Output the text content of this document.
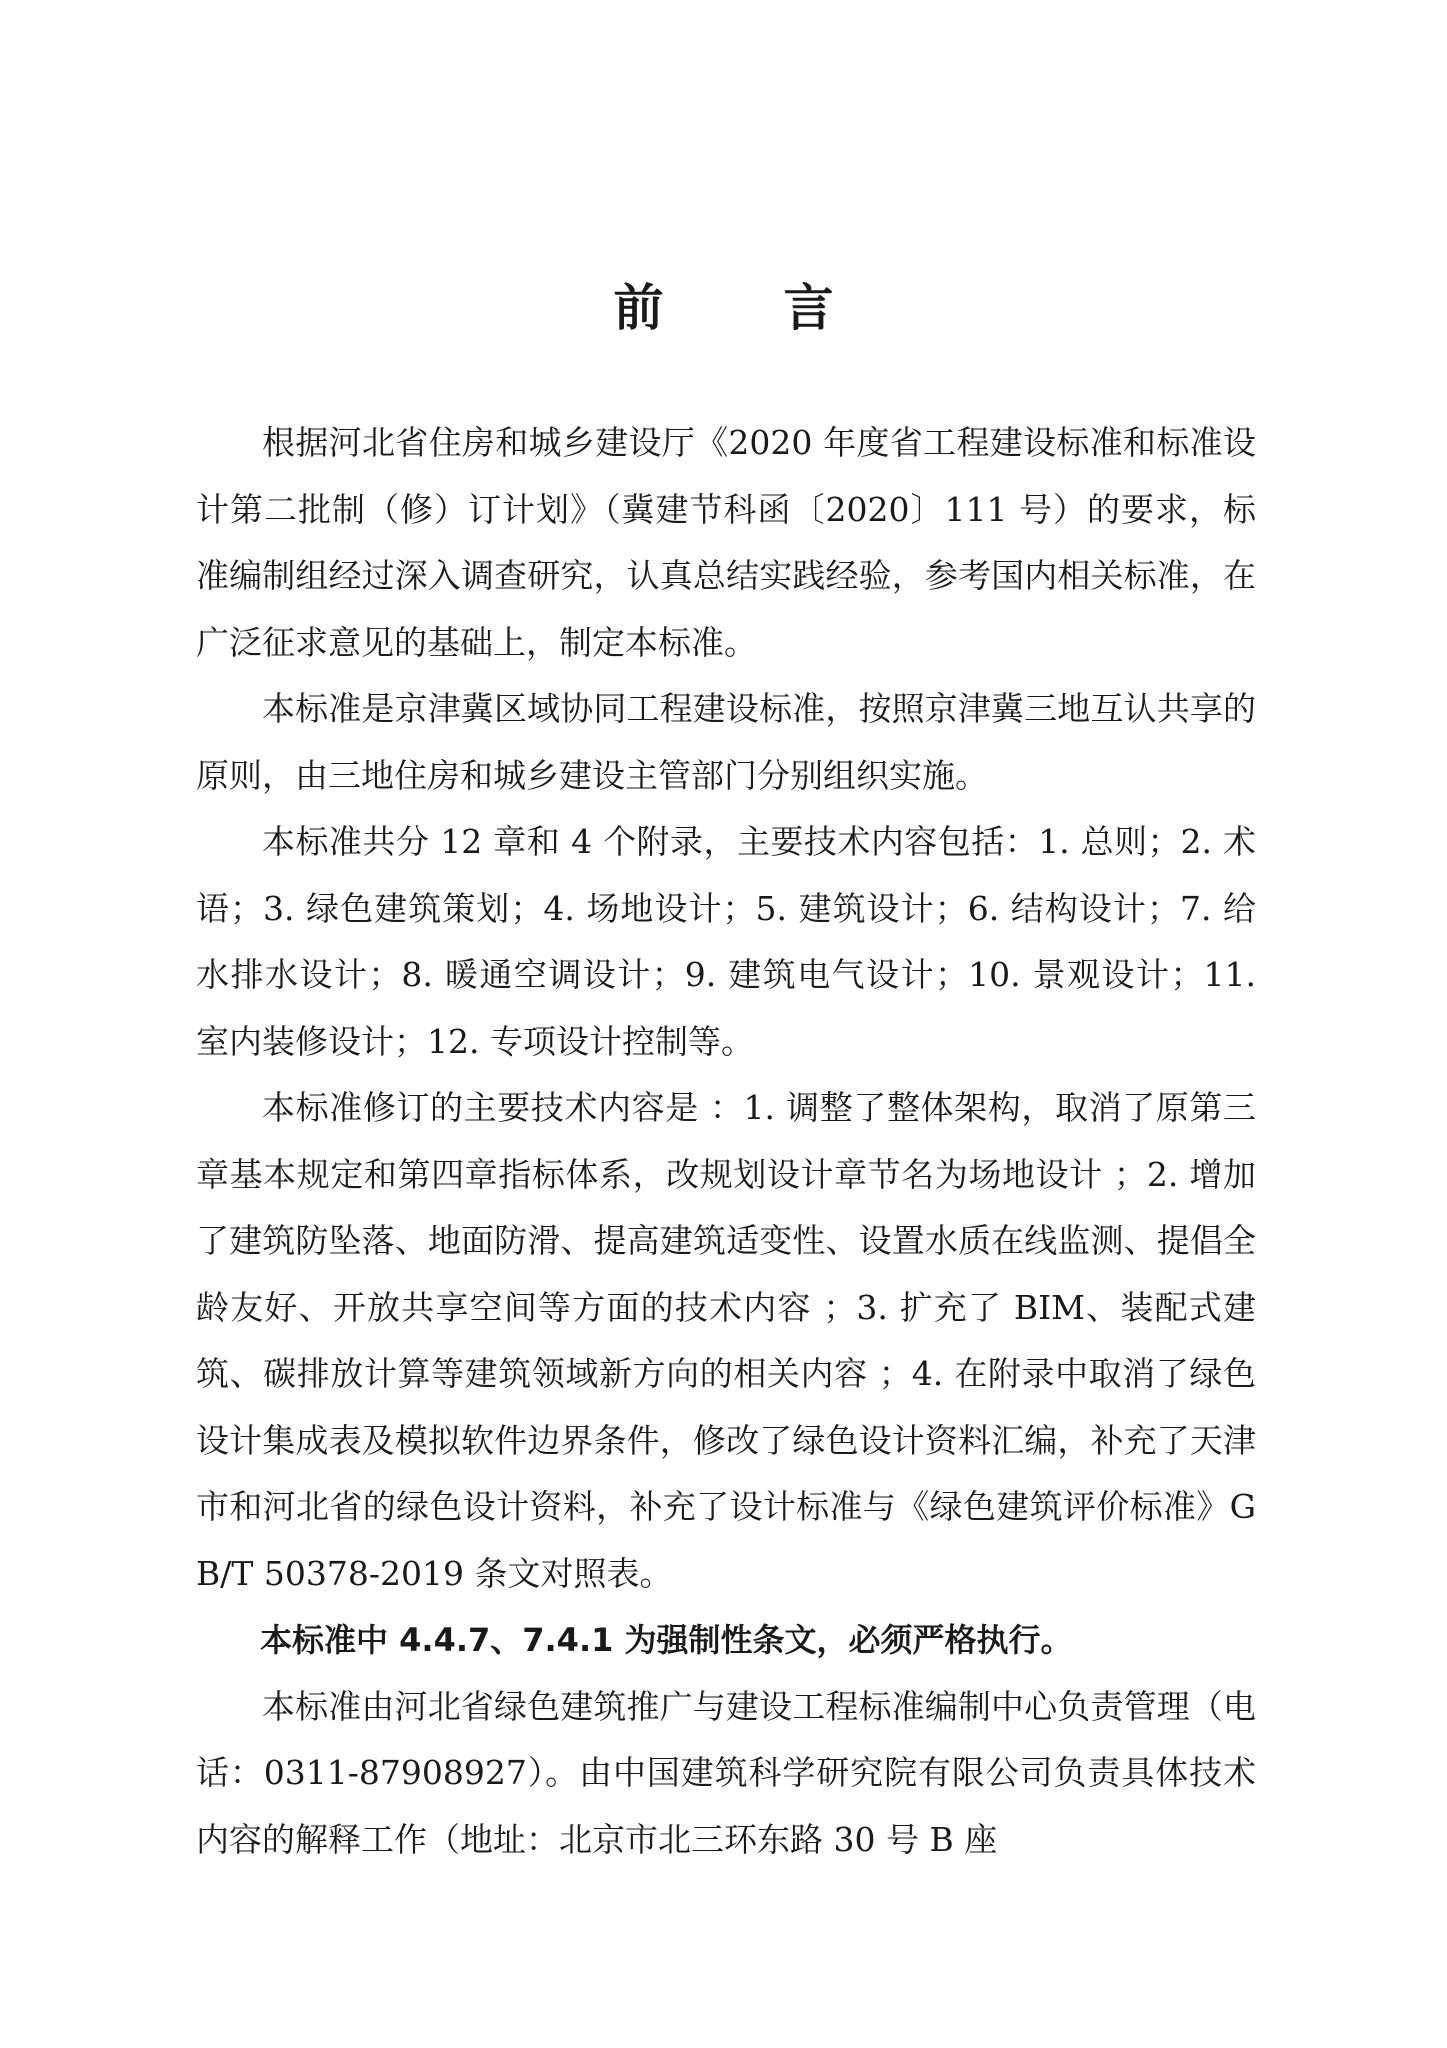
前 言

根据河北省住房和城乡建设厅《2020 年度省工程建设标准和标准设计第二批制（修）订计划》（冀建节科函〔2020〕111 号）的要求，标准编制组经过深入调查研究，认真总结实践经验，参考国内相关标准，在广泛征求意见的基础上，制定本标准。

本标准是京津冀区域协同工程建设标准，按照京津冀三地互认共享的原则，由三地住房和城乡建设主管部门分别组织实施。

本标准共分 12 章和 4 个附录，主要技术内容包括：1. 总则；2. 术语；3. 绿色建筑策划；4. 场地设计；5. 建筑设计；6. 结构设计；7. 给水排水设计；8. 暖通空调设计；9. 建筑电气设计；10. 景观设计；11. 室内装修设计；12. 专项设计控制等。

本标准修订的主要技术内容是 ：1. 调整了整体架构，取消了原第三章基本规定和第四章指标体系，改规划设计章节名为场地设计 ；2. 增加了建筑防坠落、地面防滑、提高建筑适变性、设置水质在线监测、提倡全龄友好、开放共享空间等方面的技术内容 ；3. 扩充了 BIM、装配式建筑、碳排放计算等建筑领域新方向的相关内容 ；4. 在附录中取消了绿色设计集成表及模拟软件边界条件，修改了绿色设计资料汇编，补充了天津市和河北省的绿色设计资料，补充了设计标准与《绿色建筑评价标准》GB/T 50378-2019 条文对照表。

本标准中 4.4.7、7.4.1 为强制性条文，必须严格执行。

本标准由河北省绿色建筑推广与建设工程标准编制中心负责管理（电话：0311-87908927）。由中国建筑科学研究院有限公司负责具体技术内容的解释工作（地址：北京市北三环东路 30 号 B 座
